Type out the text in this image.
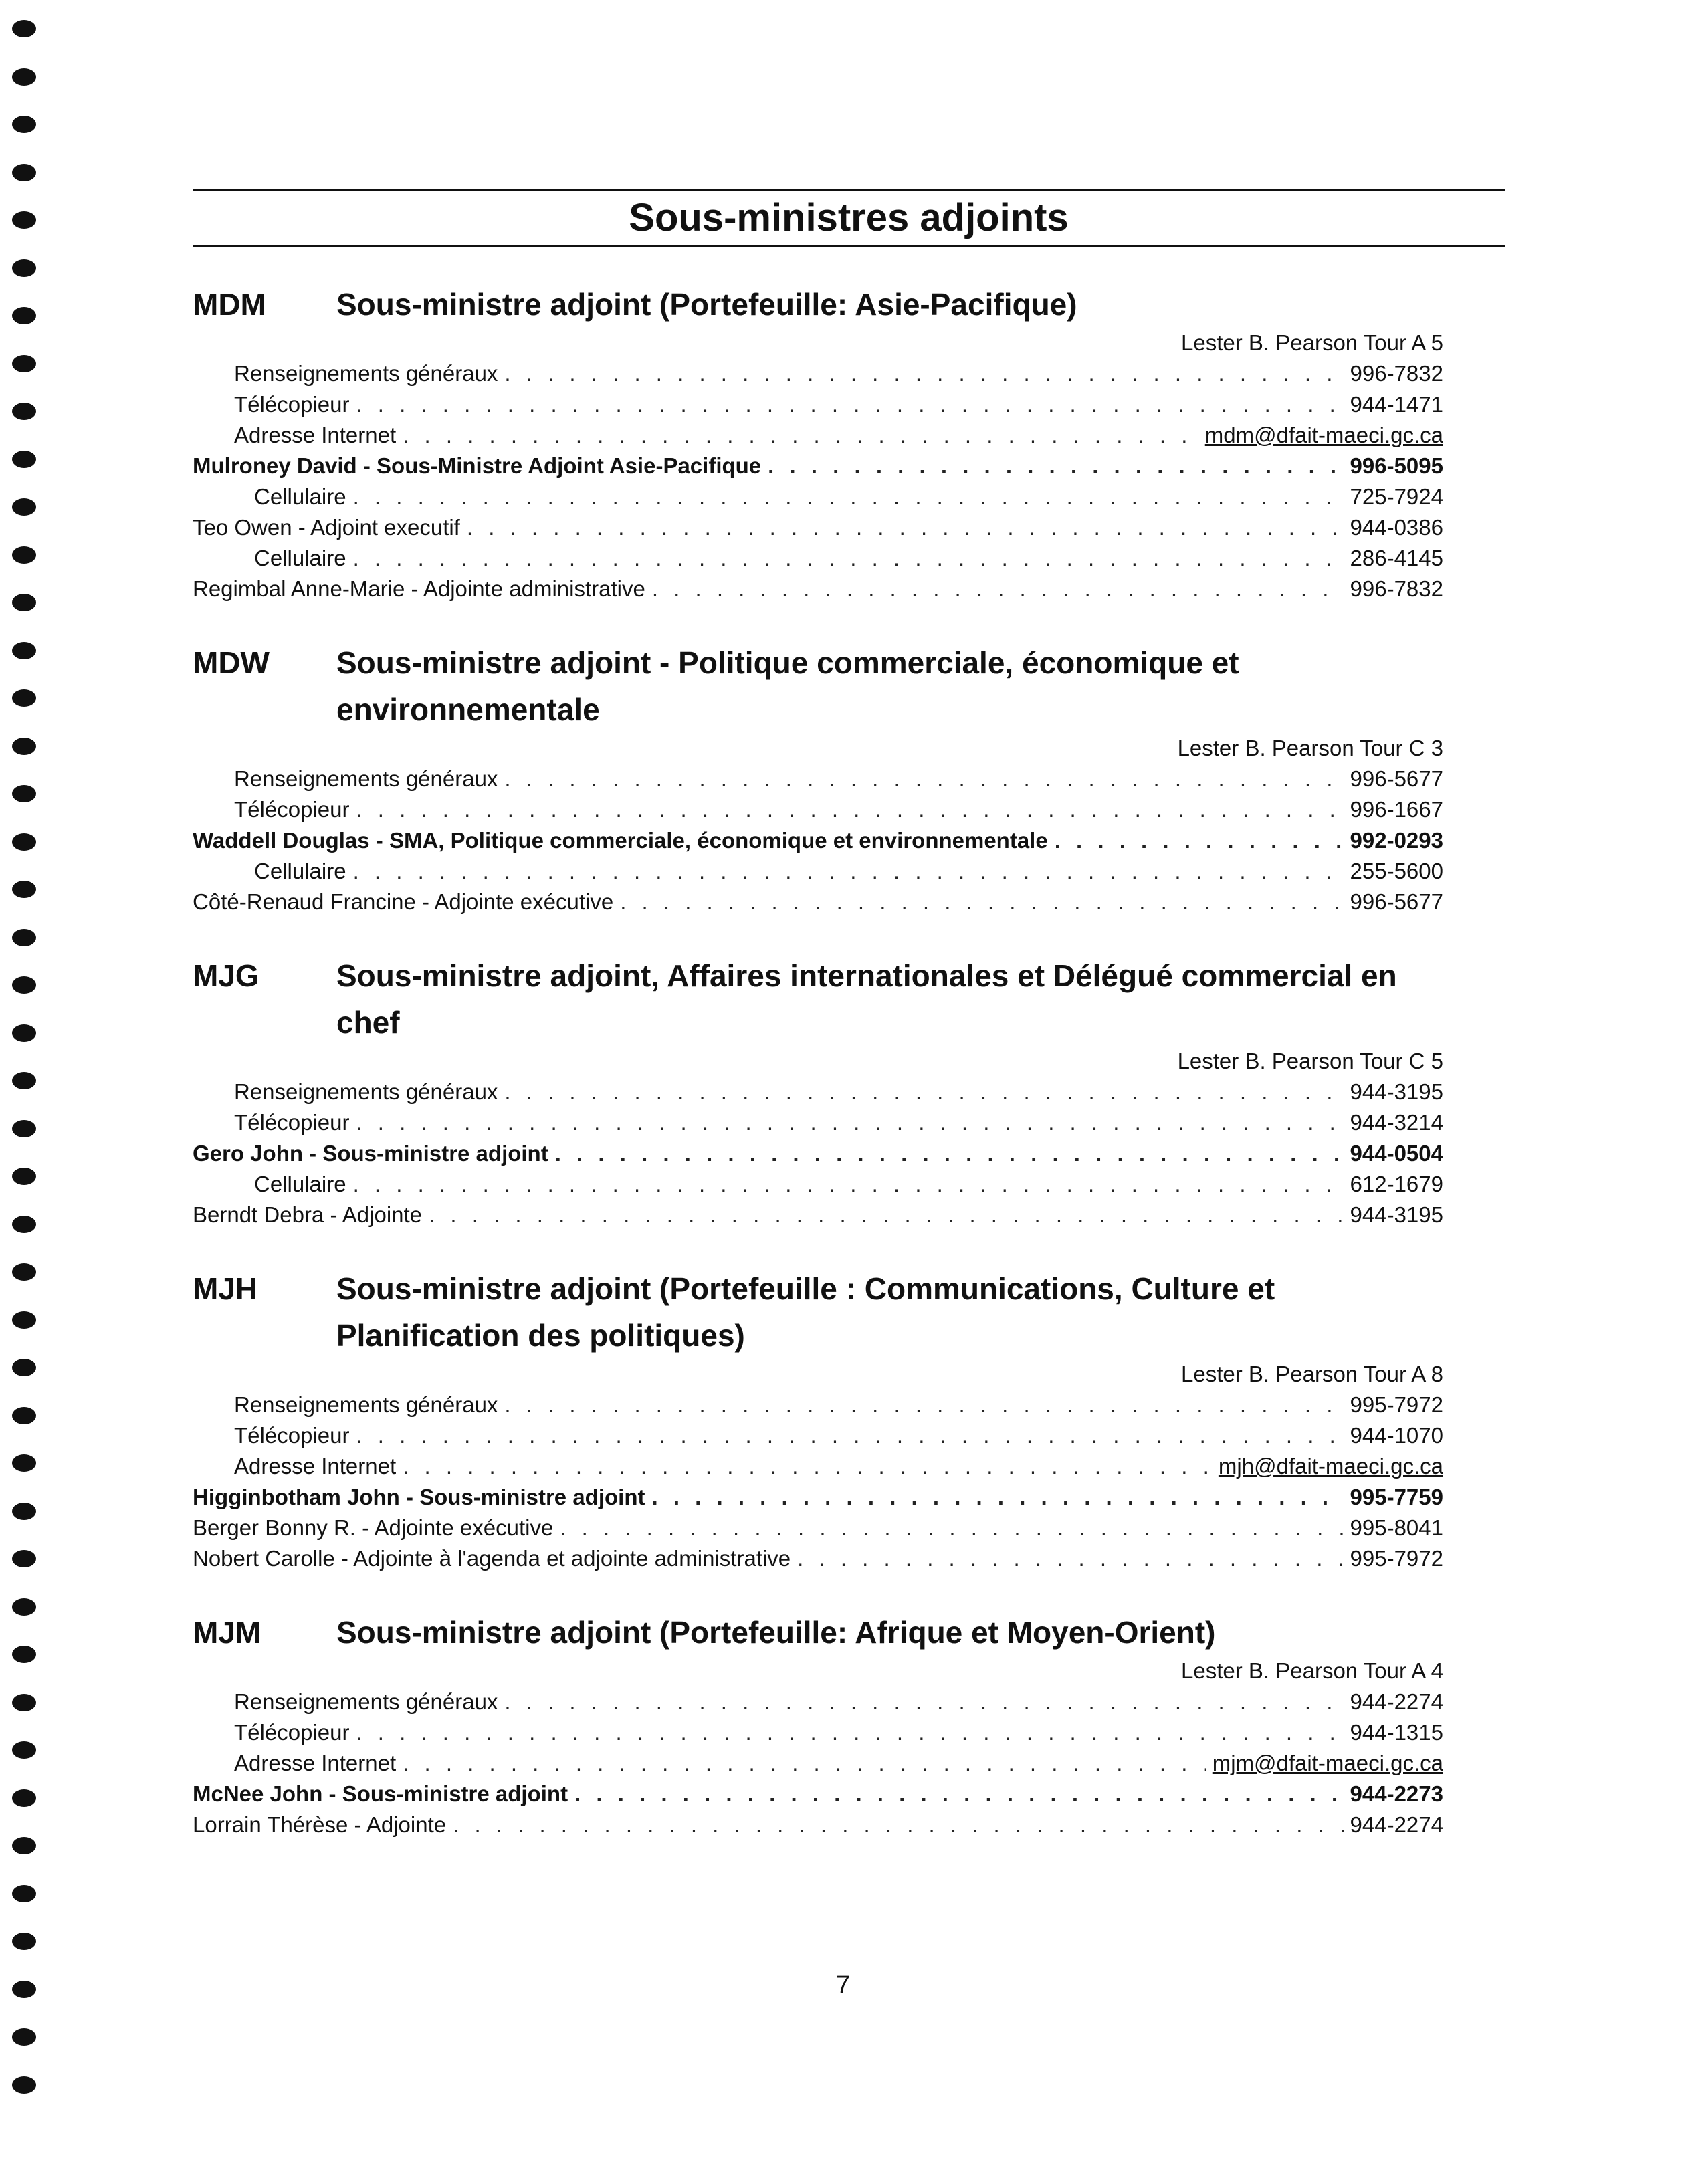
Sous-ministres adjoints
MDM	Sous-ministre adjoint (Portefeuille: Asie-Pacifique)
Lester B. Pearson Tour A 5
Renseignements généraux . . .	996-7832
Télécopieur . . .	944-1471
Adresse Internet . . .	mdm@dfait-maeci.gc.ca
Mulroney David - Sous-Ministre Adjoint Asie-Pacifique . . .	996-5095
Cellulaire . . .	725-7924
Teo Owen - Adjoint executif . . .	944-0386
Cellulaire . . .	286-4145
Regimbal Anne-Marie - Adjointe administrative . . .	996-7832
MDW	Sous-ministre adjoint - Politique commerciale, économique et environnementale
Lester B. Pearson Tour C 3
Renseignements généraux . . .	996-5677
Télécopieur . . .	996-1667
Waddell Douglas - SMA, Politique commerciale, économique et environnementale . . .	992-0293
Cellulaire . . .	255-5600
Côté-Renaud Francine - Adjointe exécutive . . .	996-5677
MJG	Sous-ministre adjoint, Affaires internationales et Délégué commercial en chef
Lester B. Pearson Tour C 5
Renseignements généraux . . .	944-3195
Télécopieur . . .	944-3214
Gero John - Sous-ministre adjoint . . .	944-0504
Cellulaire . . .	612-1679
Berndt Debra - Adjointe . . .	944-3195
MJH	Sous-ministre adjoint (Portefeuille : Communications, Culture et Planification des politiques)
Lester B. Pearson Tour A 8
Renseignements généraux . . .	995-7972
Télécopieur . . .	944-1070
Adresse Internet . . .	mjh@dfait-maeci.gc.ca
Higginbotham John - Sous-ministre adjoint . . .	995-7759
Berger Bonny R. - Adjointe exécutive . . .	995-8041
Nobert Carolle - Adjointe à l'agenda et adjointe administrative . . .	995-7972
MJM	Sous-ministre adjoint (Portefeuille: Afrique et Moyen-Orient)
Lester B. Pearson Tour A 4
Renseignements généraux . . .	944-2274
Télécopieur . . .	944-1315
Adresse Internet . . .	mjm@dfait-maeci.gc.ca
McNee John - Sous-ministre adjoint . . .	944-2273
Lorrain Thérèse - Adjointe . . .	944-2274
7
